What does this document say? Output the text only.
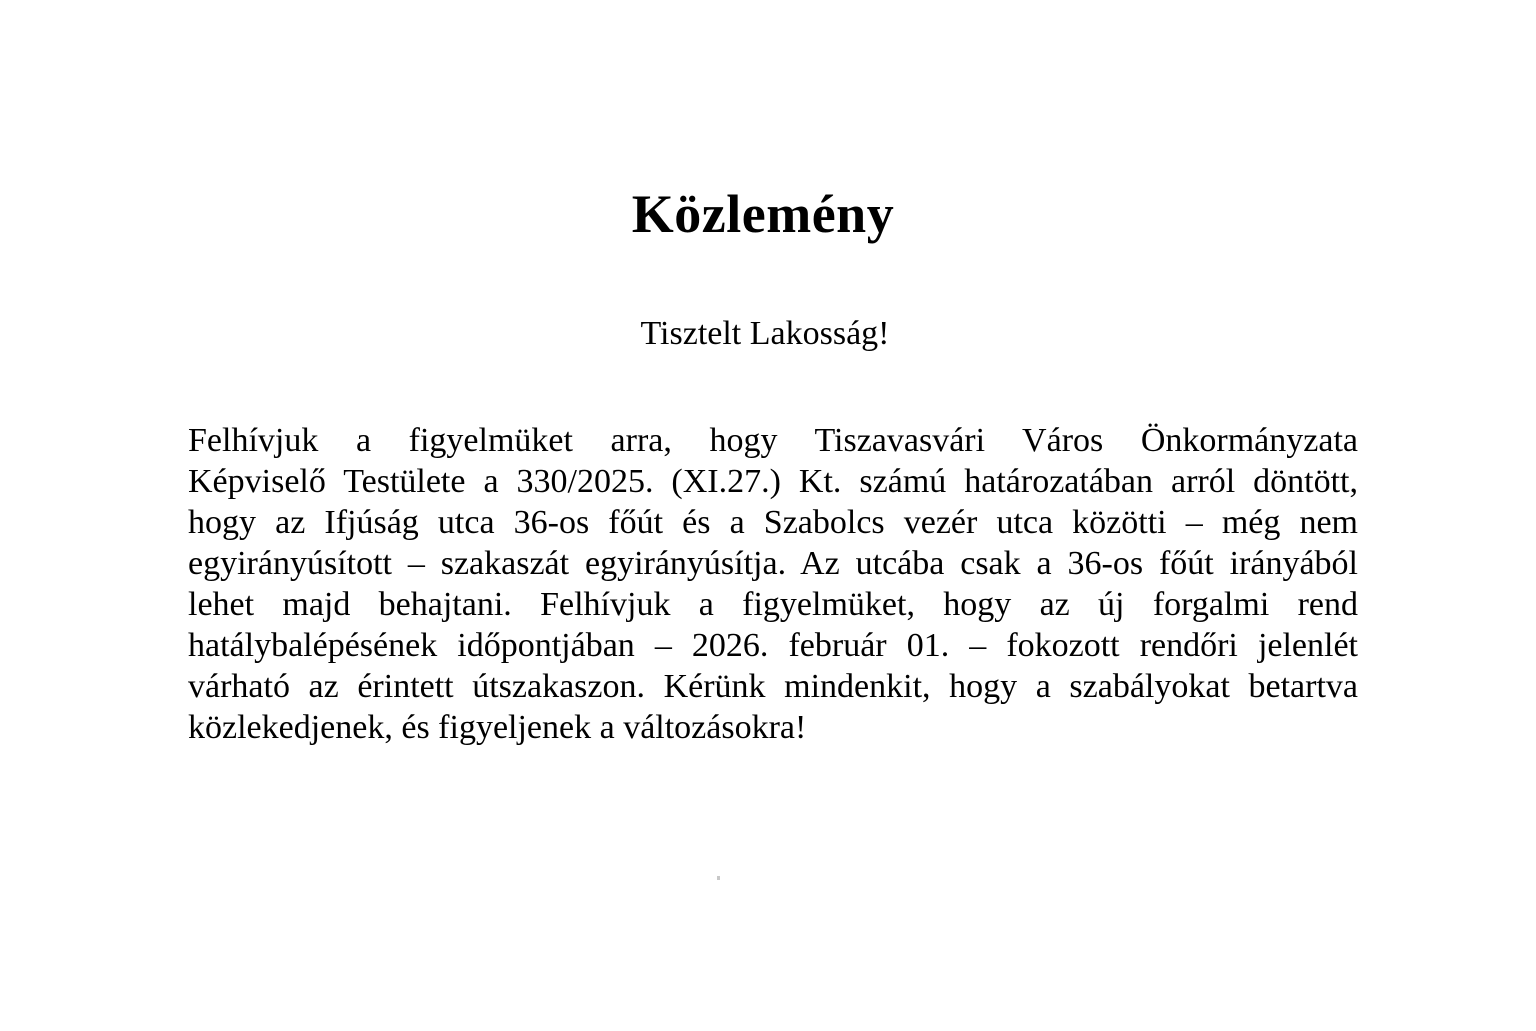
Közlemény
Tisztelt Lakosság!
Felhívjuk a figyelmüket arra, hogy Tiszavasvári Város Önkormányzata
Képviselő Testülete a 330/2025. (XI.27.) Kt. számú határozatában arról döntött,
hogy az Ifjúság utca 36-os főút és a Szabolcs vezér utca közötti – még nem
egyirányúsított – szakaszát egyirányúsítja. Az utcába csak a 36-os főút irányából
lehet majd behajtani. Felhívjuk a figyelmüket, hogy az új forgalmi rend
hatálybalépésének időpontjában – 2026. február 01. – fokozott rendőri jelenlét
várható az érintett útszakaszon. Kérünk mindenkit, hogy a szabályokat betartva
közlekedjenek, és figyeljenek a változásokra!
